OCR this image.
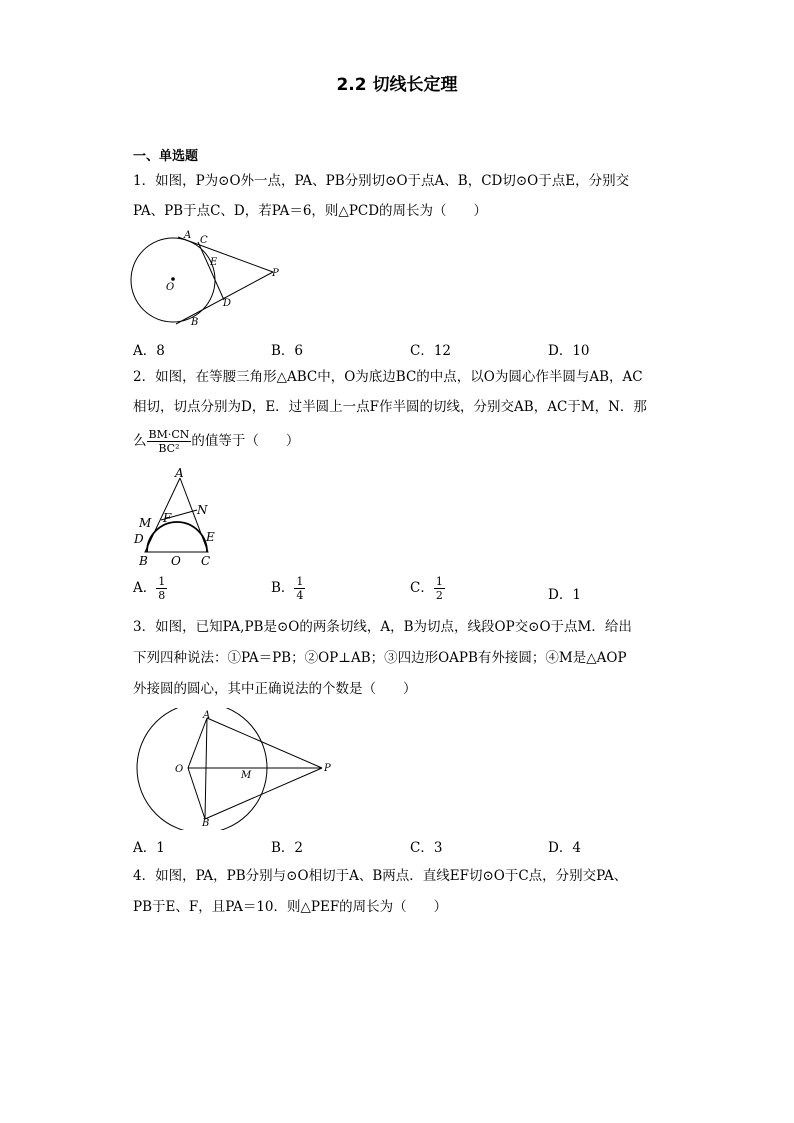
2.2 切线长定理
一、单选题
1．如图，P为⊙O外一点，PA、PB分别切⊙O于点A、B，CD切⊙O于点E，分别交
PA、PB于点C、D，若PA＝6，则△PCD的周长为（　　）
A C
E
P
O
D
B
A．8	B．6	C．12	D．10
2．如图，在等腰三角形△ABC中，O为底边BC的中点，以O为圆心作半圆与AB，AC
相切，切点分别为D，E．过半圆上一点F作半圆的切线，分别交AB，AC于M，N．那
么 $\frac{BM\cdot CN}{\text{BC²}}$ 的值等于（　　）
A
N
M F
D	E
B O C
A． $\frac{1}{8}$	B． $\frac{1}{4}$	C． $\frac{1}{2}$	D．1
3．如图，已知PA,PB是⊙O的两条切线，A，B为切点，线段OP交⊙O于点M．给出
下列四种说法：①PA＝PB；②OP⊥AB；③四边形OAPB有外接圆；④M是△AOP
外接圆的圆心，其中正确说法的个数是（　　）
A
O
M
P
B
A．1	B．2	C．3	D．4
4．如图，PA，PB分别与⊙O相切于A、B两点．直线EF切⊙O于C点，分别交PA、
PB于E、F，且PA＝10．则△PEF的周长为（　　）
